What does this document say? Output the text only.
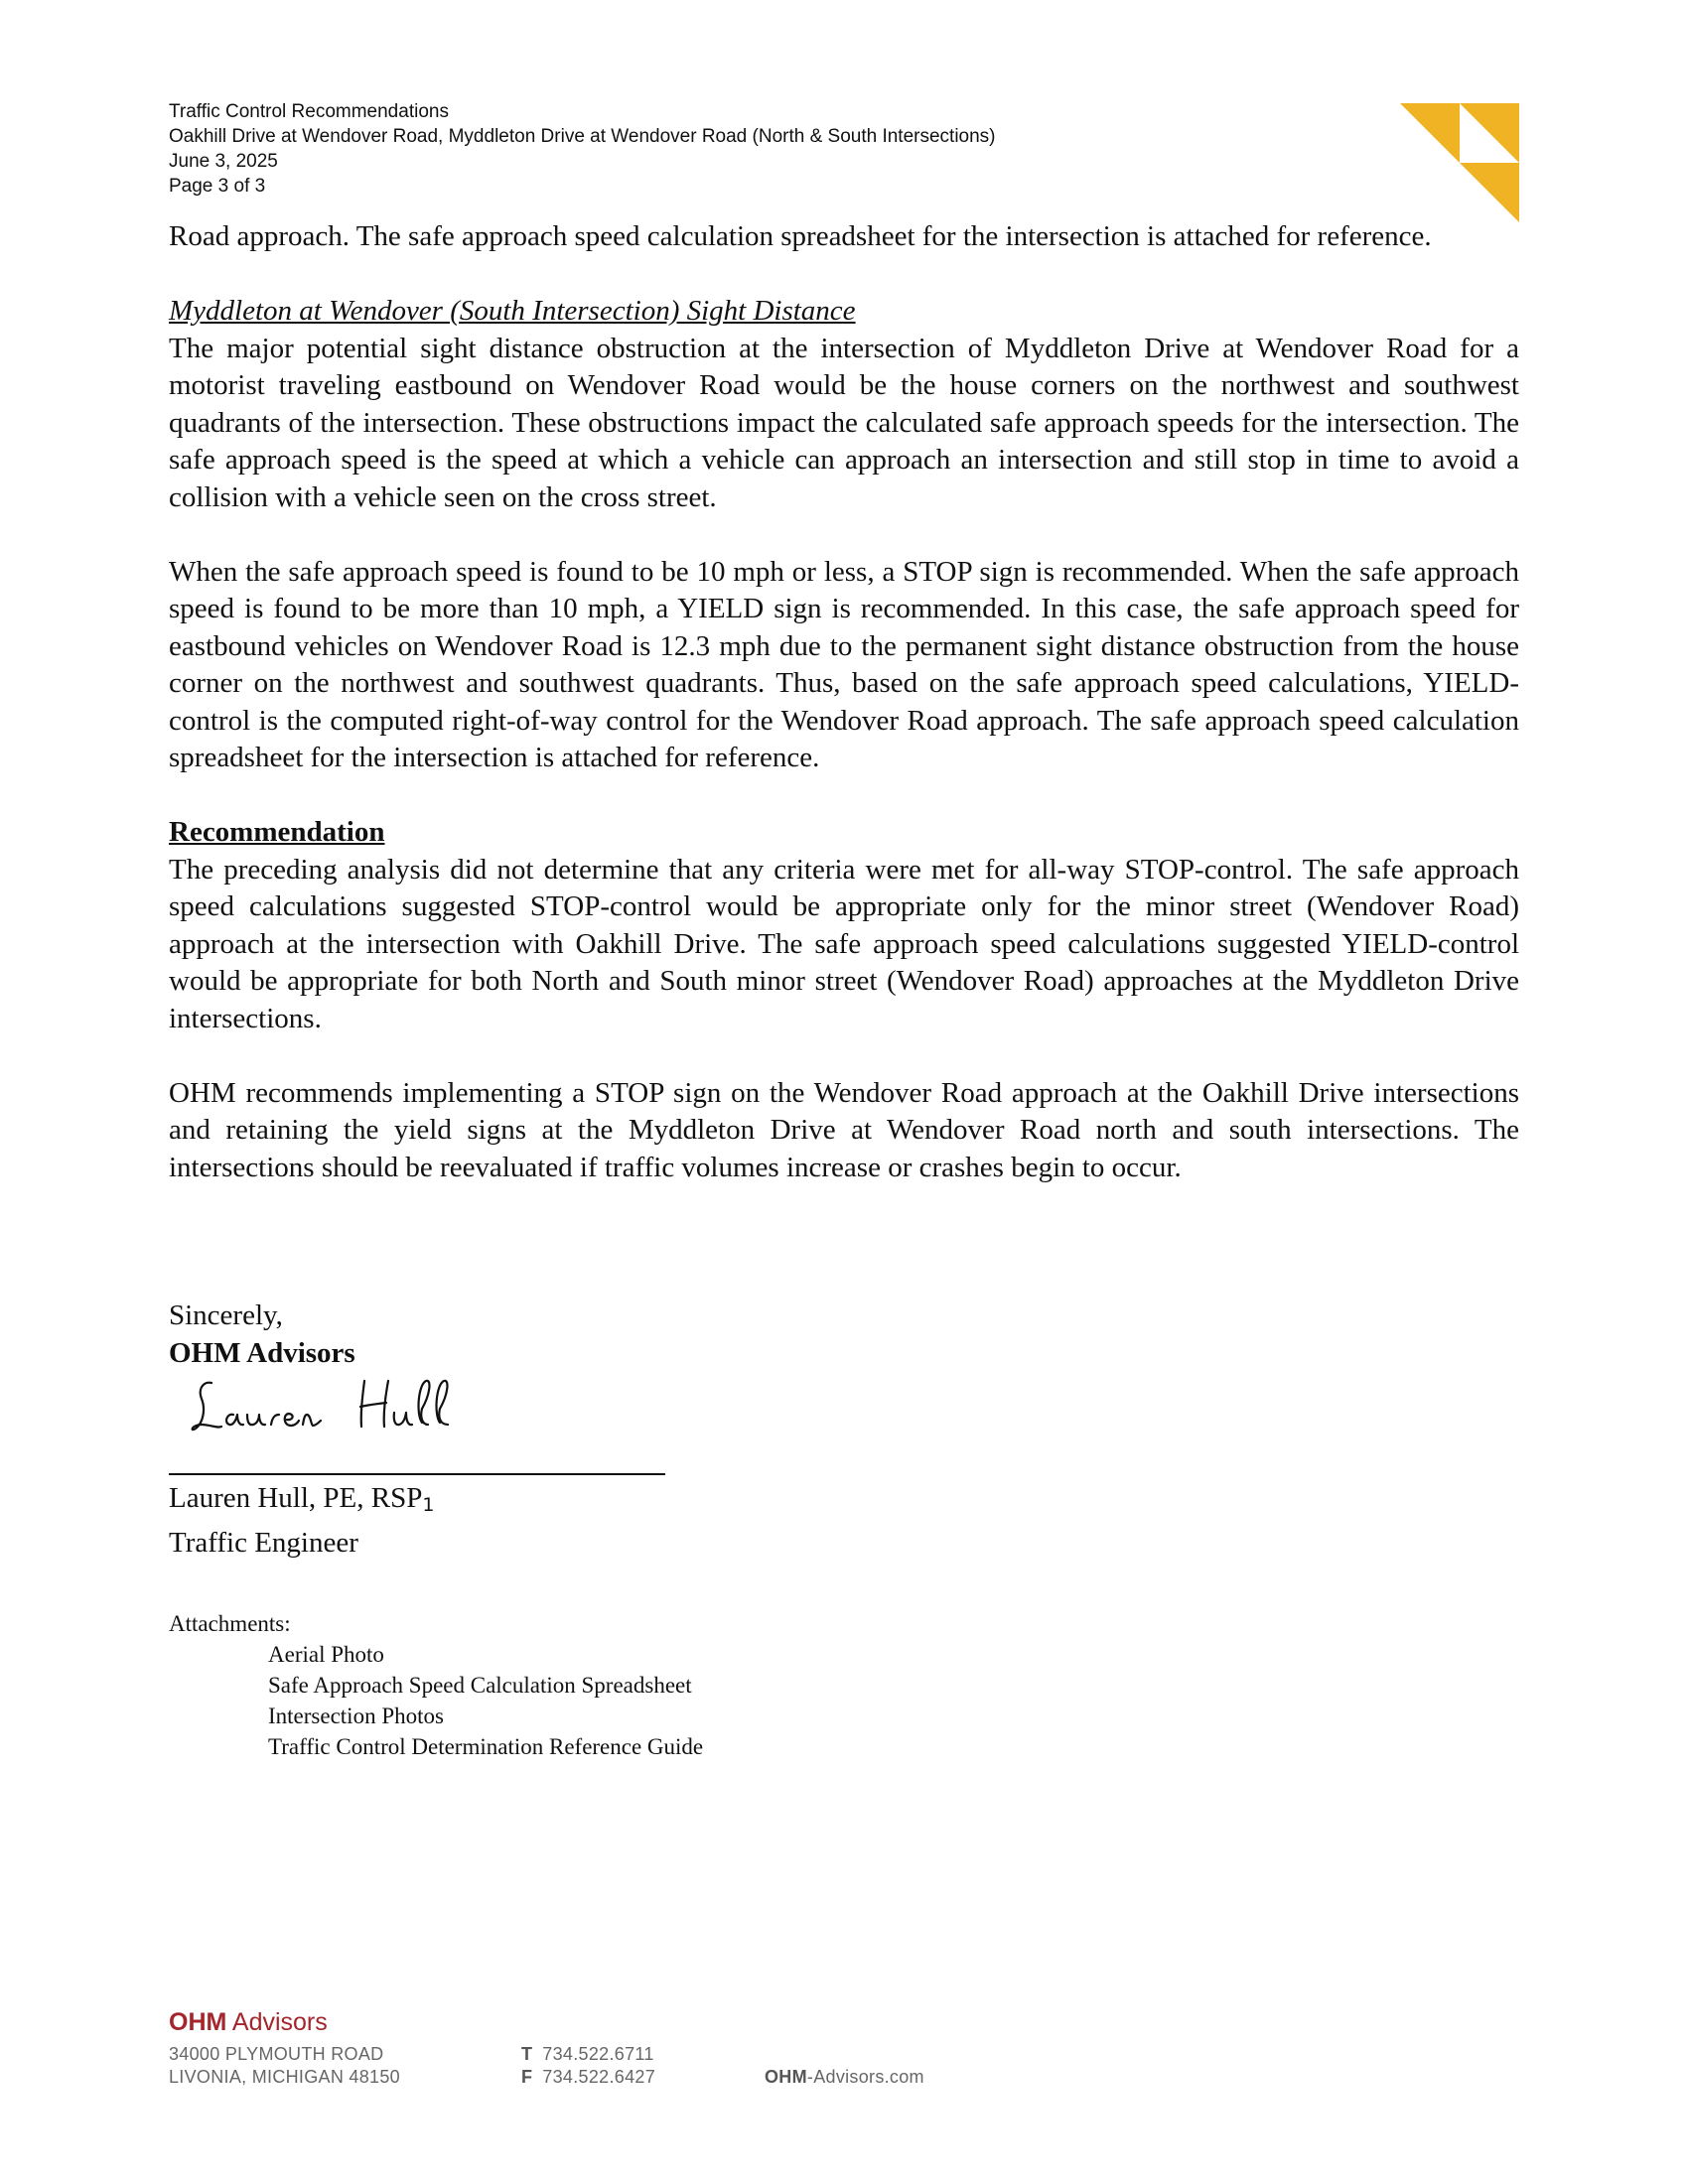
Traffic Control Recommendations
Oakhill Drive at Wendover Road, Myddleton Drive at Wendover Road (North & South Intersections)
June 3, 2025
Page 3 of 3

Road approach. The safe approach speed calculation spreadsheet for the intersection is attached for reference.

Myddleton at Wendover (South Intersection) Sight Distance

The major potential sight distance obstruction at the intersection of Myddleton Drive at Wendover Road for a motorist traveling eastbound on Wendover Road would be the house corners on the northwest and southwest quadrants of the intersection. These obstructions impact the calculated safe approach speeds for the intersection. The safe approach speed is the speed at which a vehicle can approach an intersection and still stop in time to avoid a collision with a vehicle seen on the cross street.

When the safe approach speed is found to be 10 mph or less, a STOP sign is recommended. When the safe approach speed is found to be more than 10 mph, a YIELD sign is recommended. In this case, the safe approach speed for eastbound vehicles on Wendover Road is 12.3 mph due to the permanent sight distance obstruction from the house corner on the northwest and southwest quadrants. Thus, based on the safe approach speed calculations, YIELD-control is the computed right-of-way control for the Wendover Road approach. The safe approach speed calculation spreadsheet for the intersection is attached for reference.

Recommendation

The preceding analysis did not determine that any criteria were met for all-way STOP-control. The safe approach speed calculations suggested STOP-control would be appropriate only for the minor street (Wendover Road) approach at the intersection with Oakhill Drive. The safe approach speed calculations suggested YIELD-control would be appropriate for both North and South minor street (Wendover Road) approaches at the Myddleton Drive intersections.

OHM recommends implementing a STOP sign on the Wendover Road approach at the Oakhill Drive intersections and retaining the yield signs at the Myddleton Drive at Wendover Road north and south intersections. The intersections should be reevaluated if traffic volumes increase or crashes begin to occur.

Sincerely,
OHM Advisors
Lauren Hull, PE, $RSP_1$
Traffic Engineer
Attachments:
Aerial Photo
Safe Approach Speed Calculation Spreadsheet
Intersection Photos
Traffic Control Determination Reference Guide
OHM Advisors
34000 PLYMOUTH ROAD
LIVONIA, MICHIGAN 48150
T 734.522.6711
F 734.522.6427	OHM-Advisors.com
